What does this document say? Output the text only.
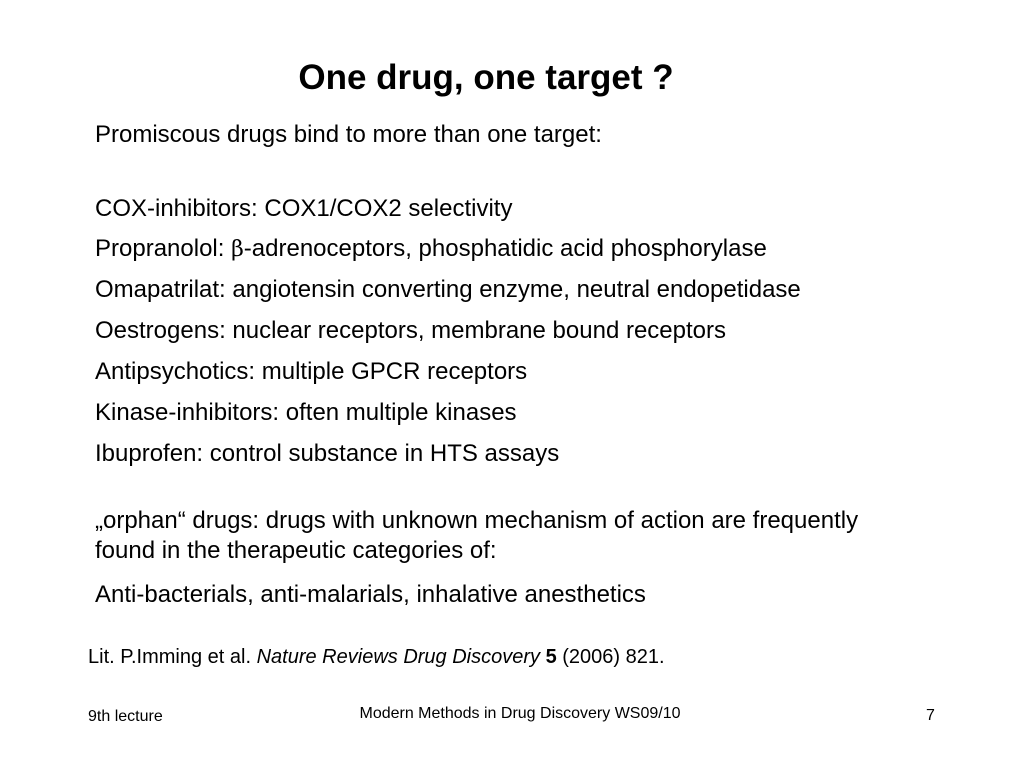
One drug, one target ?
Promiscous drugs bind to more than one target:
COX-inhibitors: COX1/COX2 selectivity
Propranolol: β-adrenoceptors, phosphatidic acid phosphorylase
Omapatrilat: angiotensin converting enzyme, neutral endopetidase
Oestrogens: nuclear receptors, membrane bound receptors
Antipsychotics: multiple GPCR receptors
Kinase-inhibitors: often multiple kinases
Ibuprofen: control substance in HTS assays
„orphan“ drugs: drugs with unknown mechanism of action are frequently found in the therapeutic categories of:
Anti-bacterials, anti-malarials, inhalative anesthetics
Lit. P.Imming et al. Nature Reviews Drug Discovery 5 (2006) 821.
9th lecture	Modern Methods in Drug Discovery WS09/10	7
